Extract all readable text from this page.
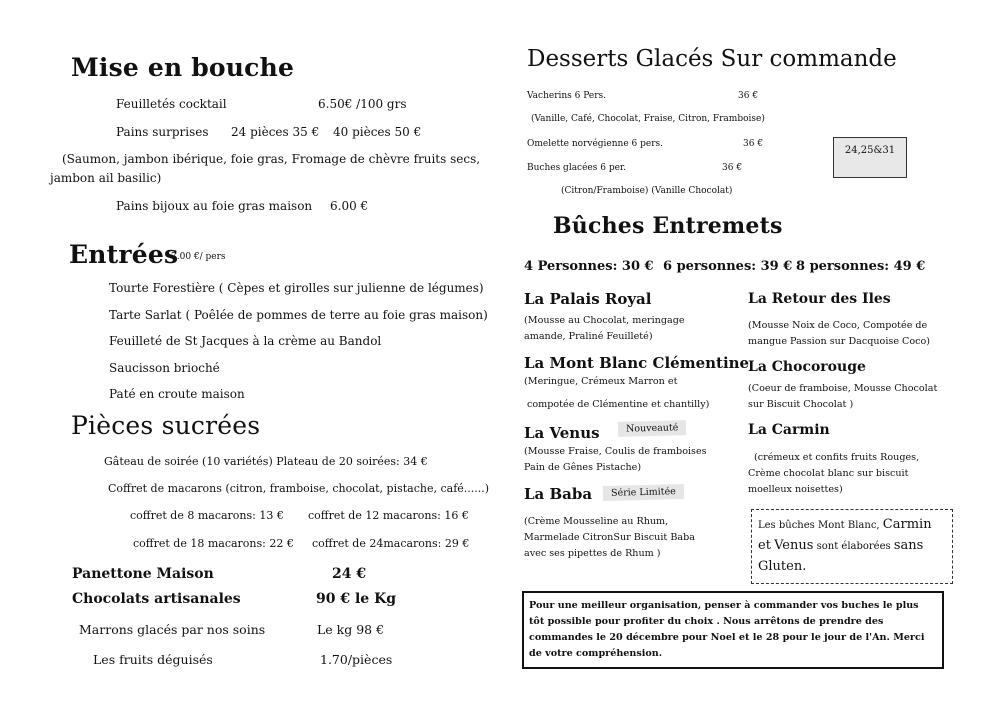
Mise en bouche
Feuilletés cocktail	6.50€ /100 grs
Pains surprises 24 pièces 35 € 40 pièces 50 €
(Saumon, jambon ibérique, foie gras, Fromage de chèvre fruits secs,
jambon ail basilic)
Pains bijoux au foie gras maison 6.00 €
Entrées
7.00 €/ pers
Tourte Forestière ( Cèpes et girolles sur julienne de légumes)
Tarte Sarlat ( Poêlée de pommes de terre au foie gras maison)
Feuilleté de St Jacques à la crème au Bandol
Saucisson brioché
Paté en croute maison
Pièces sucrées
Gâteau de soirée (10 variétés) Plateau de 20 soirées: 34 €
Coffret de macarons (citron, framboise, chocolat, pistache, café......)
coffret de 8 macarons: 13 € coffret de 12 macarons: 16 €
coffret de 18 macarons: 22 € coffret de 24macarons: 29 €
Panettone Maison	24 €
Chocolats artisanales	90 € le Kg
Marrons glacés par nos soins	Le kg 98 €
Les fruits déguisés	1.70/pièces
Desserts Glacés Sur commande
Vacherins 6 Pers.	36 €
(Vanille, Café, Chocolat, Fraise, Citron, Framboise)
Omelette norvégienne 6 pers.	36 €
Buches glacées 6 per.	36 €
(Citron/Framboise) (Vanille Chocolat)
24,25&31
Bûches Entremets
4 Personnes: 30 € 6 personnes: 39 € 8 personnes: 49 €
La Palais Royal
(Mousse au Chocolat, meringage amande, Praliné Feuilleté)
La Mont Blanc Clémentine
(Meringue, Crémeux Marron et
compotée de Clémentine et chantilly)
La Venus	Nouveauté
(Mousse Fraise, Coulis de framboises Pain de Gênes Pistache)
La Baba	Série Limitée
(Crème Mousseline au Rhum, Marmelade CitronSur Biscuit Baba avec ses pipettes de Rhum )
La Retour des Iles
(Mousse Noix de Coco, Compotée de mangue Passion sur Dacquoise Coco)
La Chocorouge
(Coeur de framboise, Mousse Chocolat sur Biscuit Chocolat )
La Carmin
(crémeux et confits fruits Rouges, Crème chocolat blanc sur biscuit moelleux noisettes)
Les bûches Mont Blanc, Carmin et Venus sont élaborées sans Gluten.
Pour une meilleur organisation, penser à commander vos buches le plus tôt possible pour profiter du choix . Nous arrêtons de prendre des commandes le 20 décembre pour Noel et le 28 pour le jour de l'An. Merci de votre compréhension.
